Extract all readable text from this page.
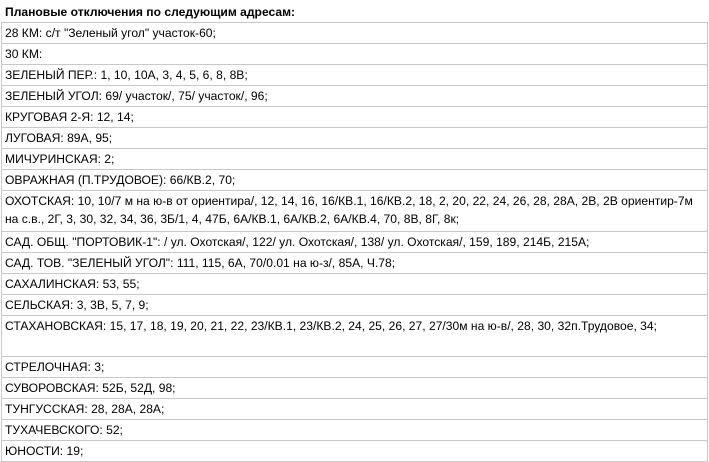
Плановые отключения по следующим адресам:
28 КМ: с/т "Зеленый угол" участок-60;
30 КМ:
ЗЕЛЕНЫЙ ПЕР.: 1, 10, 10А, 3, 4, 5, 6, 8, 8В;
ЗЕЛЕНЫЙ УГОЛ: 69/ участок/, 75/ участок/, 96;
КРУГОВАЯ 2-Я: 12, 14;
ЛУГОВАЯ: 89А, 95;
МИЧУРИНСКАЯ: 2;
ОВРАЖНАЯ (П.ТРУДОВОЕ): 66/КВ.2, 70;
ОХОТСКАЯ: 10, 10/7 м на ю-в от ориентира/, 12, 14, 16, 16/КВ.1, 16/КВ.2, 18, 2, 20, 22, 24, 26, 28, 28А, 2В, 2В ориентир-7м на с.в., 2Г, 3, 30, 32, 34, 36, 3Б/1, 4, 47Б, 6А/КВ.1, 6А/КВ.2, 6А/КВ.4, 70, 8В, 8Г, 8к;
САД. ОБЩ. "ПОРТОВИК-1": / ул. Охотская/, 122/ ул. Охотская/, 138/ ул. Охотская/, 159, 189, 214Б, 215А;
САД. ТОВ. "ЗЕЛЕНЫЙ УГОЛ": 111, 115, 6А, 70/0.01 на ю-з/, 85А, Ч.78;
САХАЛИНСКАЯ: 53, 55;
СЕЛЬСКАЯ: 3, 3В, 5, 7, 9;
СТАХАНОВСКАЯ: 15, 17, 18, 19, 20, 21, 22, 23/КВ.1, 23/КВ.2, 24, 25, 26, 27, 27/30м на ю-в/, 28, 30, 32п.Трудовое, 34;
СТРЕЛОЧНАЯ: 3;
СУВОРОВСКАЯ: 52Б, 52Д, 98;
ТУНГУССКАЯ: 28, 28А, 28А;
ТУХАЧЕВСКОГО: 52;
ЮНОСТИ: 19;
